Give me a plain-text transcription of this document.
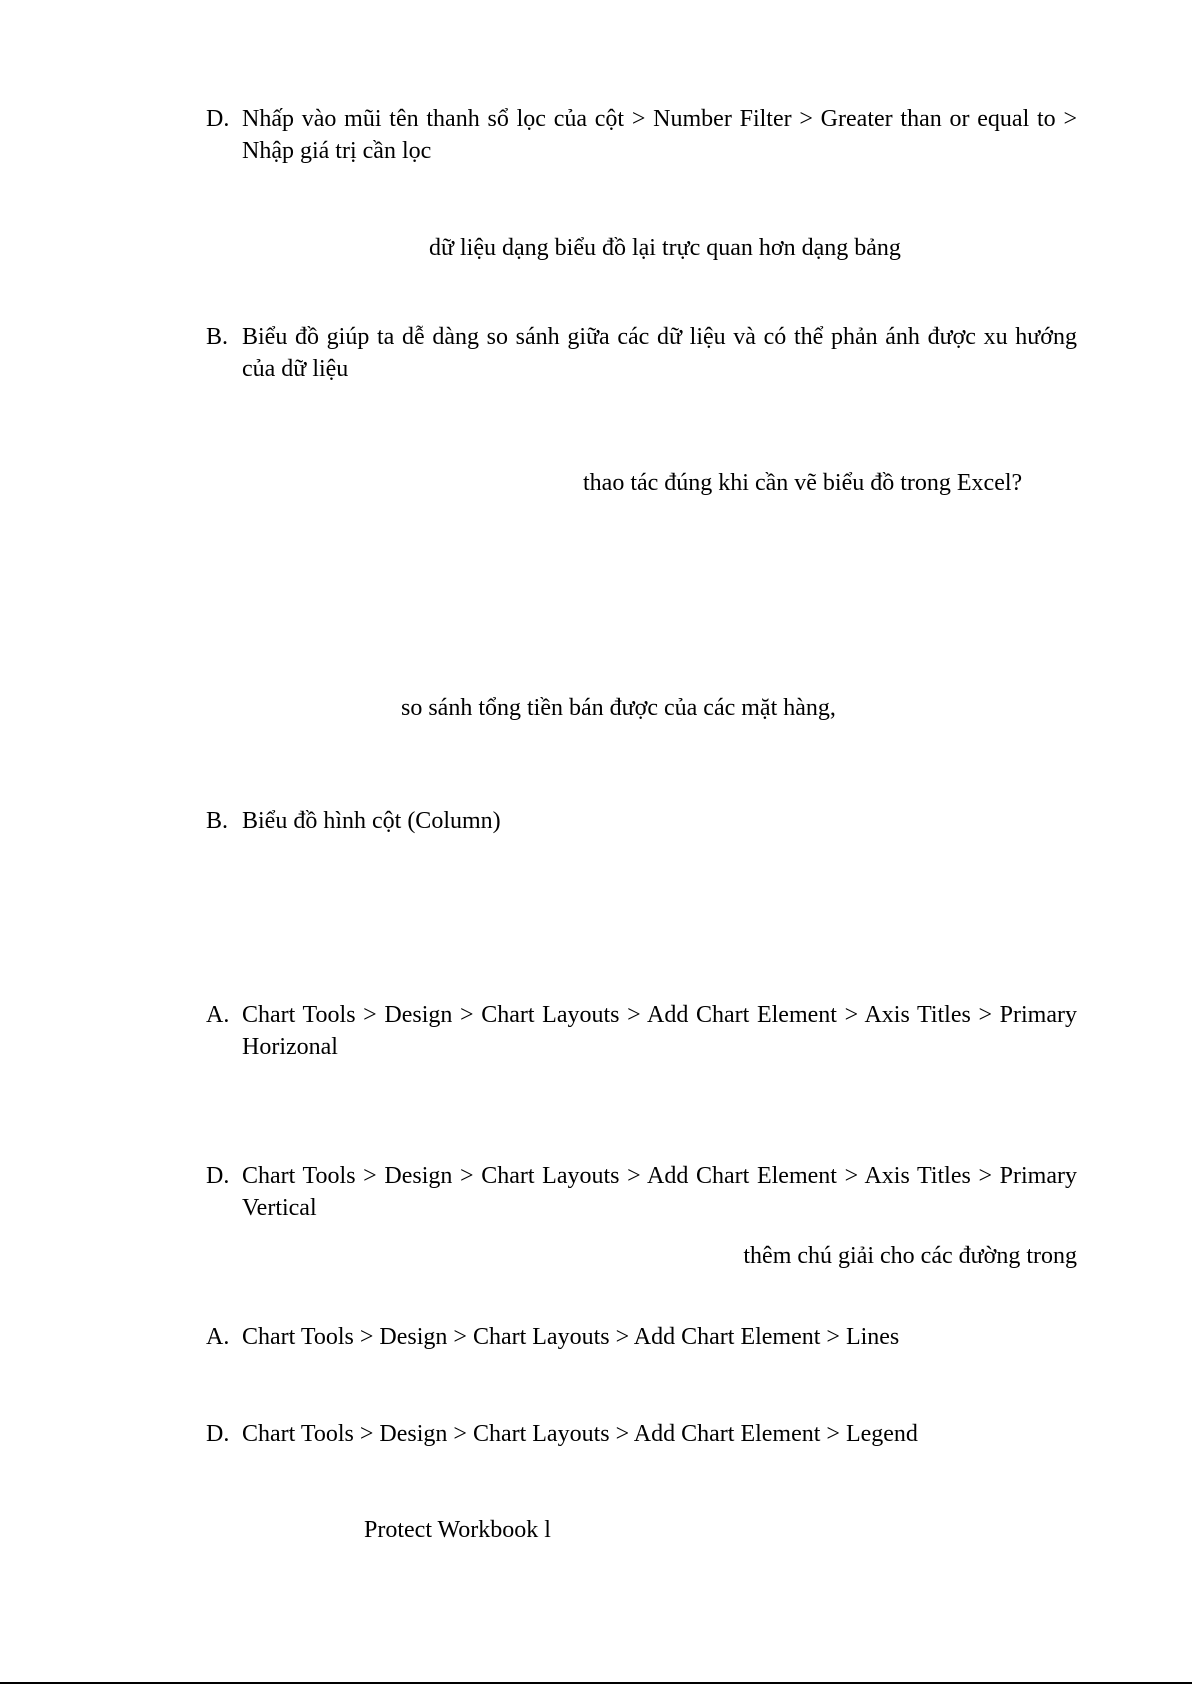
D. Nhấp vào mũi tên thanh sổ lọc của cột > Number Filter > Greater than or equal to > Nhập giá trị cần lọc
dữ liệu dạng biểu đồ lại trực quan hơn dạng bảng
B. Biểu đồ giúp ta dễ dàng so sánh giữa các dữ liệu và có thể phản ánh được xu hướng của dữ liệu
thao tác đúng khi cần vẽ biểu đồ trong Excel?
so sánh tổng tiền bán được của các mặt hàng,
B. Biểu đồ hình cột (Column)
A. Chart Tools > Design > Chart Layouts > Add Chart Element > Axis Titles > Primary Horizonal
D. Chart Tools > Design > Chart Layouts > Add Chart Element > Axis Titles > Primary Vertical
thêm chú giải cho các đường trong
A. Chart Tools > Design > Chart Layouts > Add Chart Element > Lines
D. Chart Tools > Design > Chart Layouts > Add Chart Element > Legend
Protect Workbook l
